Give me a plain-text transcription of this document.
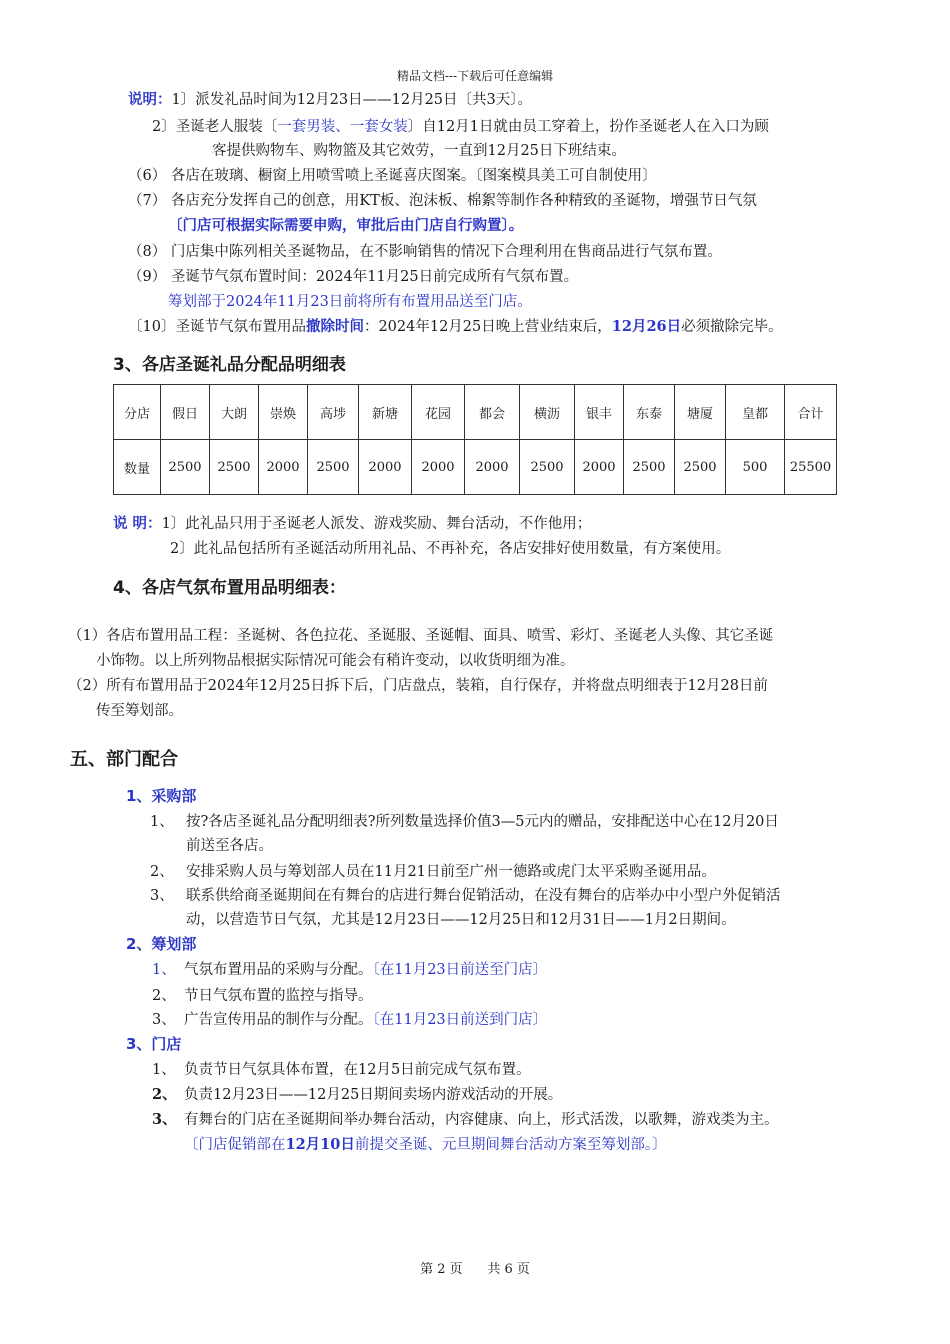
精品文档---下载后可任意编辑
说明：1〕派发礼品时间为12月23日——12月25日〔共3天〕。
2〕圣诞老人服装〔一套男装、一套女装〕自12月1日就由员工穿着上，扮作圣诞老人在入口为顾
客提供购物车、购物篮及其它效劳，一直到12月25日下班结束。
（6） 各店在玻璃、橱窗上用喷雪喷上圣诞喜庆图案。〔图案模具美工可自制使用〕
（7） 各店充分发挥自己的创意，用KT板、泡沫板、棉絮等制作各种精致的圣诞物，增强节日气氛
〔门店可根据实际需要申购，审批后由门店自行购置〕。
（8） 门店集中陈列相关圣诞物品，在不影响销售的情况下合理利用在售商品进行气氛布置。
（9） 圣诞节气氛布置时间：2024年11月25日前完成所有气氛布置。
筹划部于2024年11月23日前将所有布置用品送至门店。
〔10〕圣诞节气氛布置用品撤除时间：2024年12月25日晚上营业结束后，12月26日必须撤除完毕。
3、各店圣诞礼品分配品明细表
分店	假日	大朗	崇焕	高埗	新塘	花园	都会	横沥	银丰	东泰	塘厦	皇都	合计
数量	2500	2500	2000	2500	2000	2000	2000	2500	2000	2500	2500	500	25500
说 明：1〕此礼品只用于圣诞老人派发、游戏奖励、舞台活动，不作他用；
2〕此礼品包括所有圣诞活动所用礼品、不再补充，各店安排好使用数量，有方案使用。
4、各店气氛布置用品明细表：
（1）各店布置用品工程：圣诞树、各色拉花、圣诞服、圣诞帽、面具、喷雪、彩灯、圣诞老人头像、其它圣诞
小饰物。以上所列物品根据实际情况可能会有稍许变动，以收货明细为准。
（2）所有布置用品于2024年12月25日拆下后，门店盘点，装箱，自行保存，并将盘点明细表于12月28日前
传至筹划部。
五、部门配合
1、采购部
1、 按?各店圣诞礼品分配明细表?所列数量选择价值3—5元内的赠品，安排配送中心在12月20日
前送至各店。
2、 安排采购人员与筹划部人员在11月21日前至广州一德路或虎门太平采购圣诞用品。
3、 联系供给商圣诞期间在有舞台的店进行舞台促销活动，在没有舞台的店举办中小型户外促销活
动，以营造节日气氛，尤其是12月23日——12月25日和12月31日——1月2日期间。
2、筹划部
1、 气氛布置用品的采购与分配。〔在11月23日前送至门店〕
2、 节日气氛布置的监控与指导。
3、 广告宣传用品的制作与分配。〔在11月23日前送到门店〕
3、门店
1、 负责节日气氛具体布置，在12月5日前完成气氛布置。
2、 负责12月23日——12月25日期间卖场内游戏活动的开展。
3、 有舞台的门店在圣诞期间举办舞台活动，内容健康、向上，形式活泼，以歌舞，游戏类为主。
〔门店促销部在12月10日前提交圣诞、元旦期间舞台活动方案至筹划部。〕
第 2 页      共 6 页
